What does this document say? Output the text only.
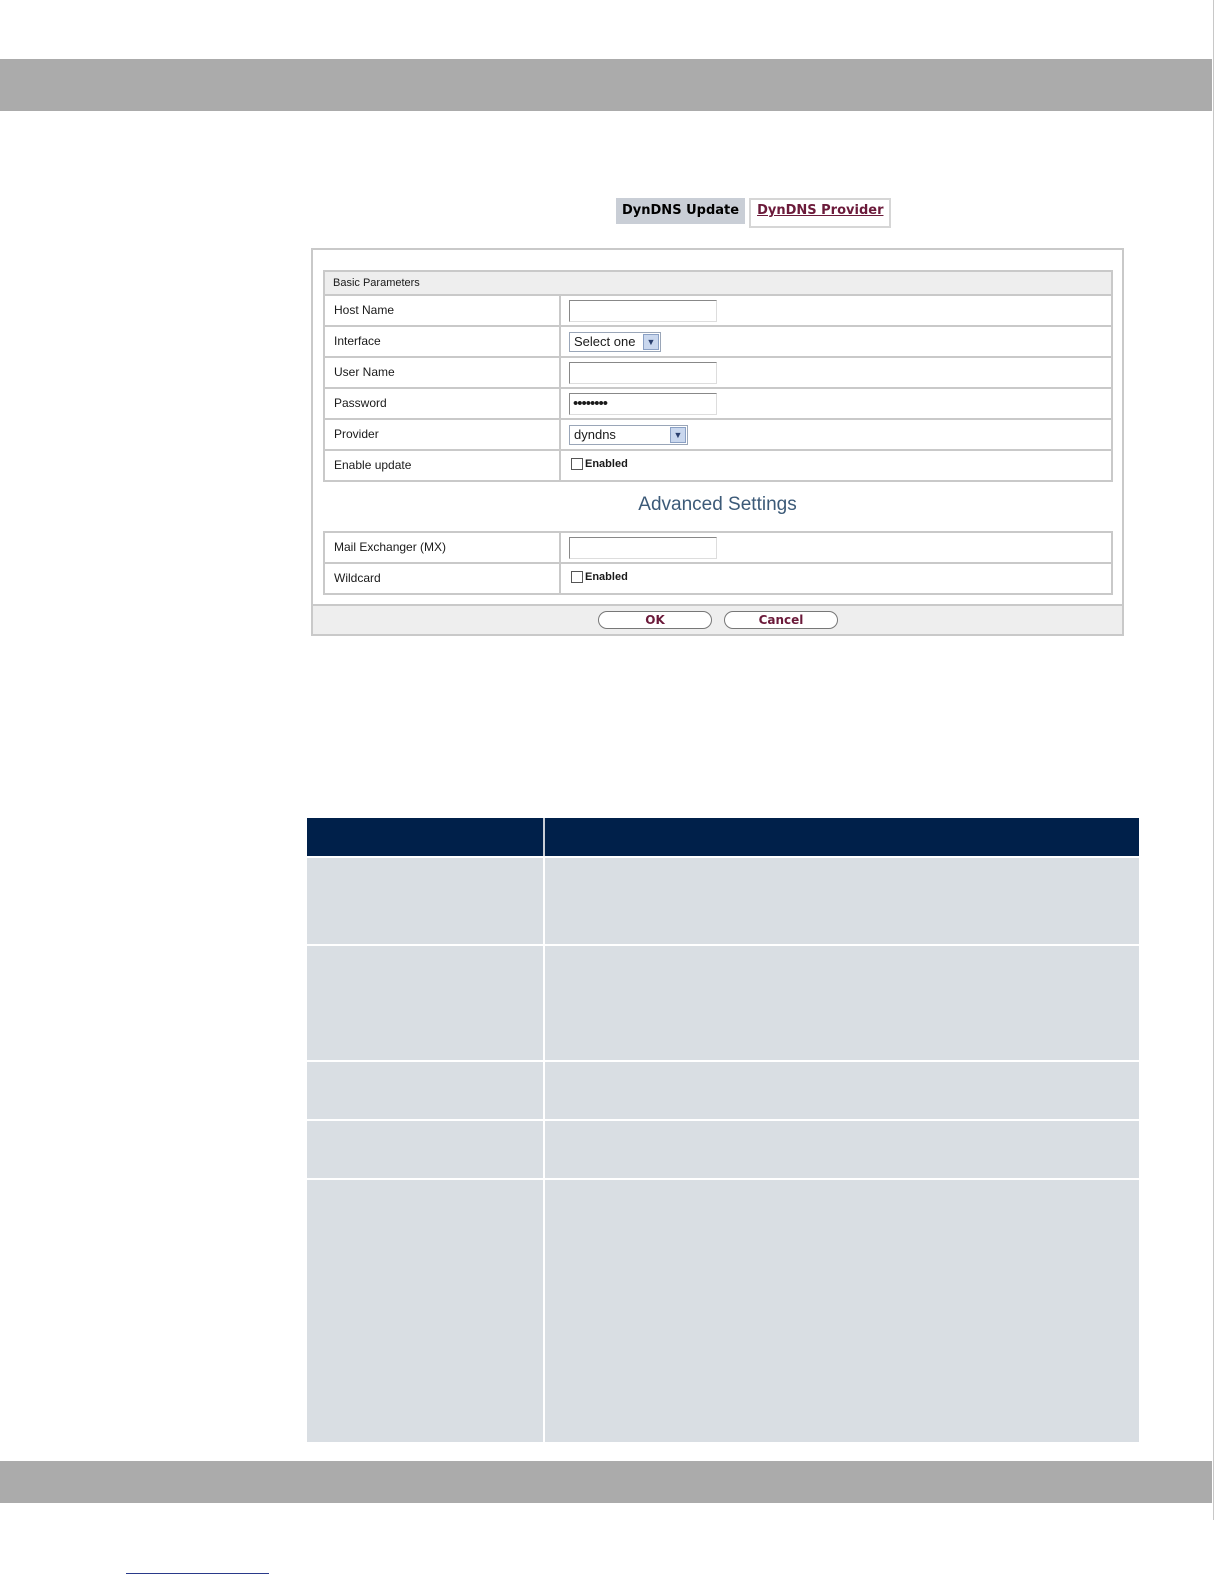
DynDNS Update	DynDNS Provider
Basic Parameters
Host Name
Interface	Select one	▼
User Name
Password	••••••••
Provider	dyndns	▼
Enable update	Enabled
Advanced Settings
Mail Exchanger (MX)
Wildcard	Enabled
OK	Cancel
